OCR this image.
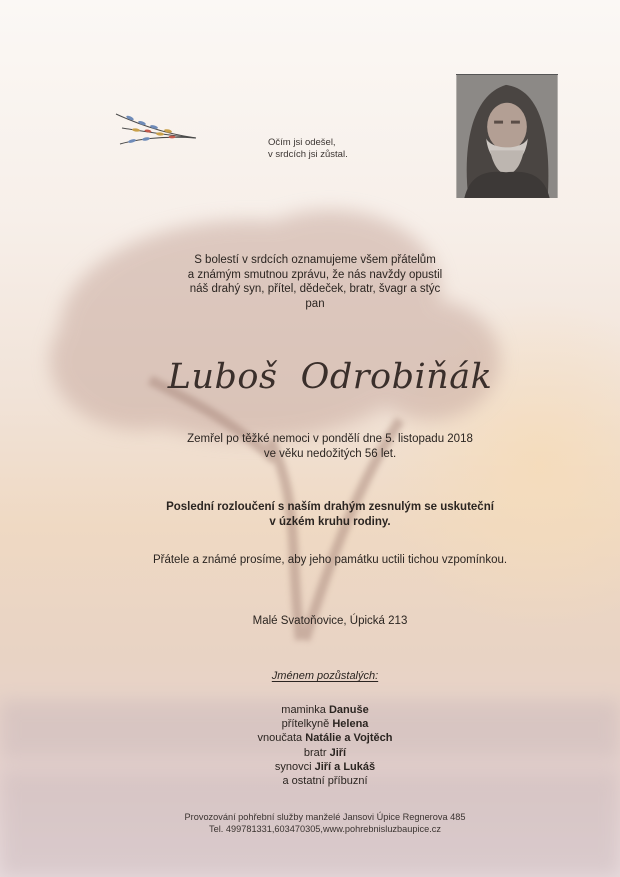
Očím jsi odešel,
v srdcích jsi zůstal.
S bolestí v srdcích oznamujeme všem přátelům
a známým smutnou zprávu, že nás navždy opustil
náš drahý syn, přítel, dědeček, bratr, švagr a stýc
pan
Luboš  Odrobiňák
Zemřel po těžké nemoci v pondělí dne 5. listopadu 2018
ve věku nedožitých 56 let.
Poslední rozloučení s naším drahým zesnulým se uskuteční
v úzkém kruhu rodiny.
Přátele a známé prosíme, aby jeho památku uctili tichou vzpomínkou.
Malé Svatoňovice, Úpická 213
Jménem pozůstalých:
maminka Danuše
přítelkyně Helena
vnoučata Natálie a Vojtěch
bratr Jiří
synovci Jiří a Lukáš
a ostatní příbuzní
Provozování pohřební služby manželé Jansovi Úpice Regnerova 485
Tel. 499781331,603470305,www.pohrebnisluzbaupice.cz
